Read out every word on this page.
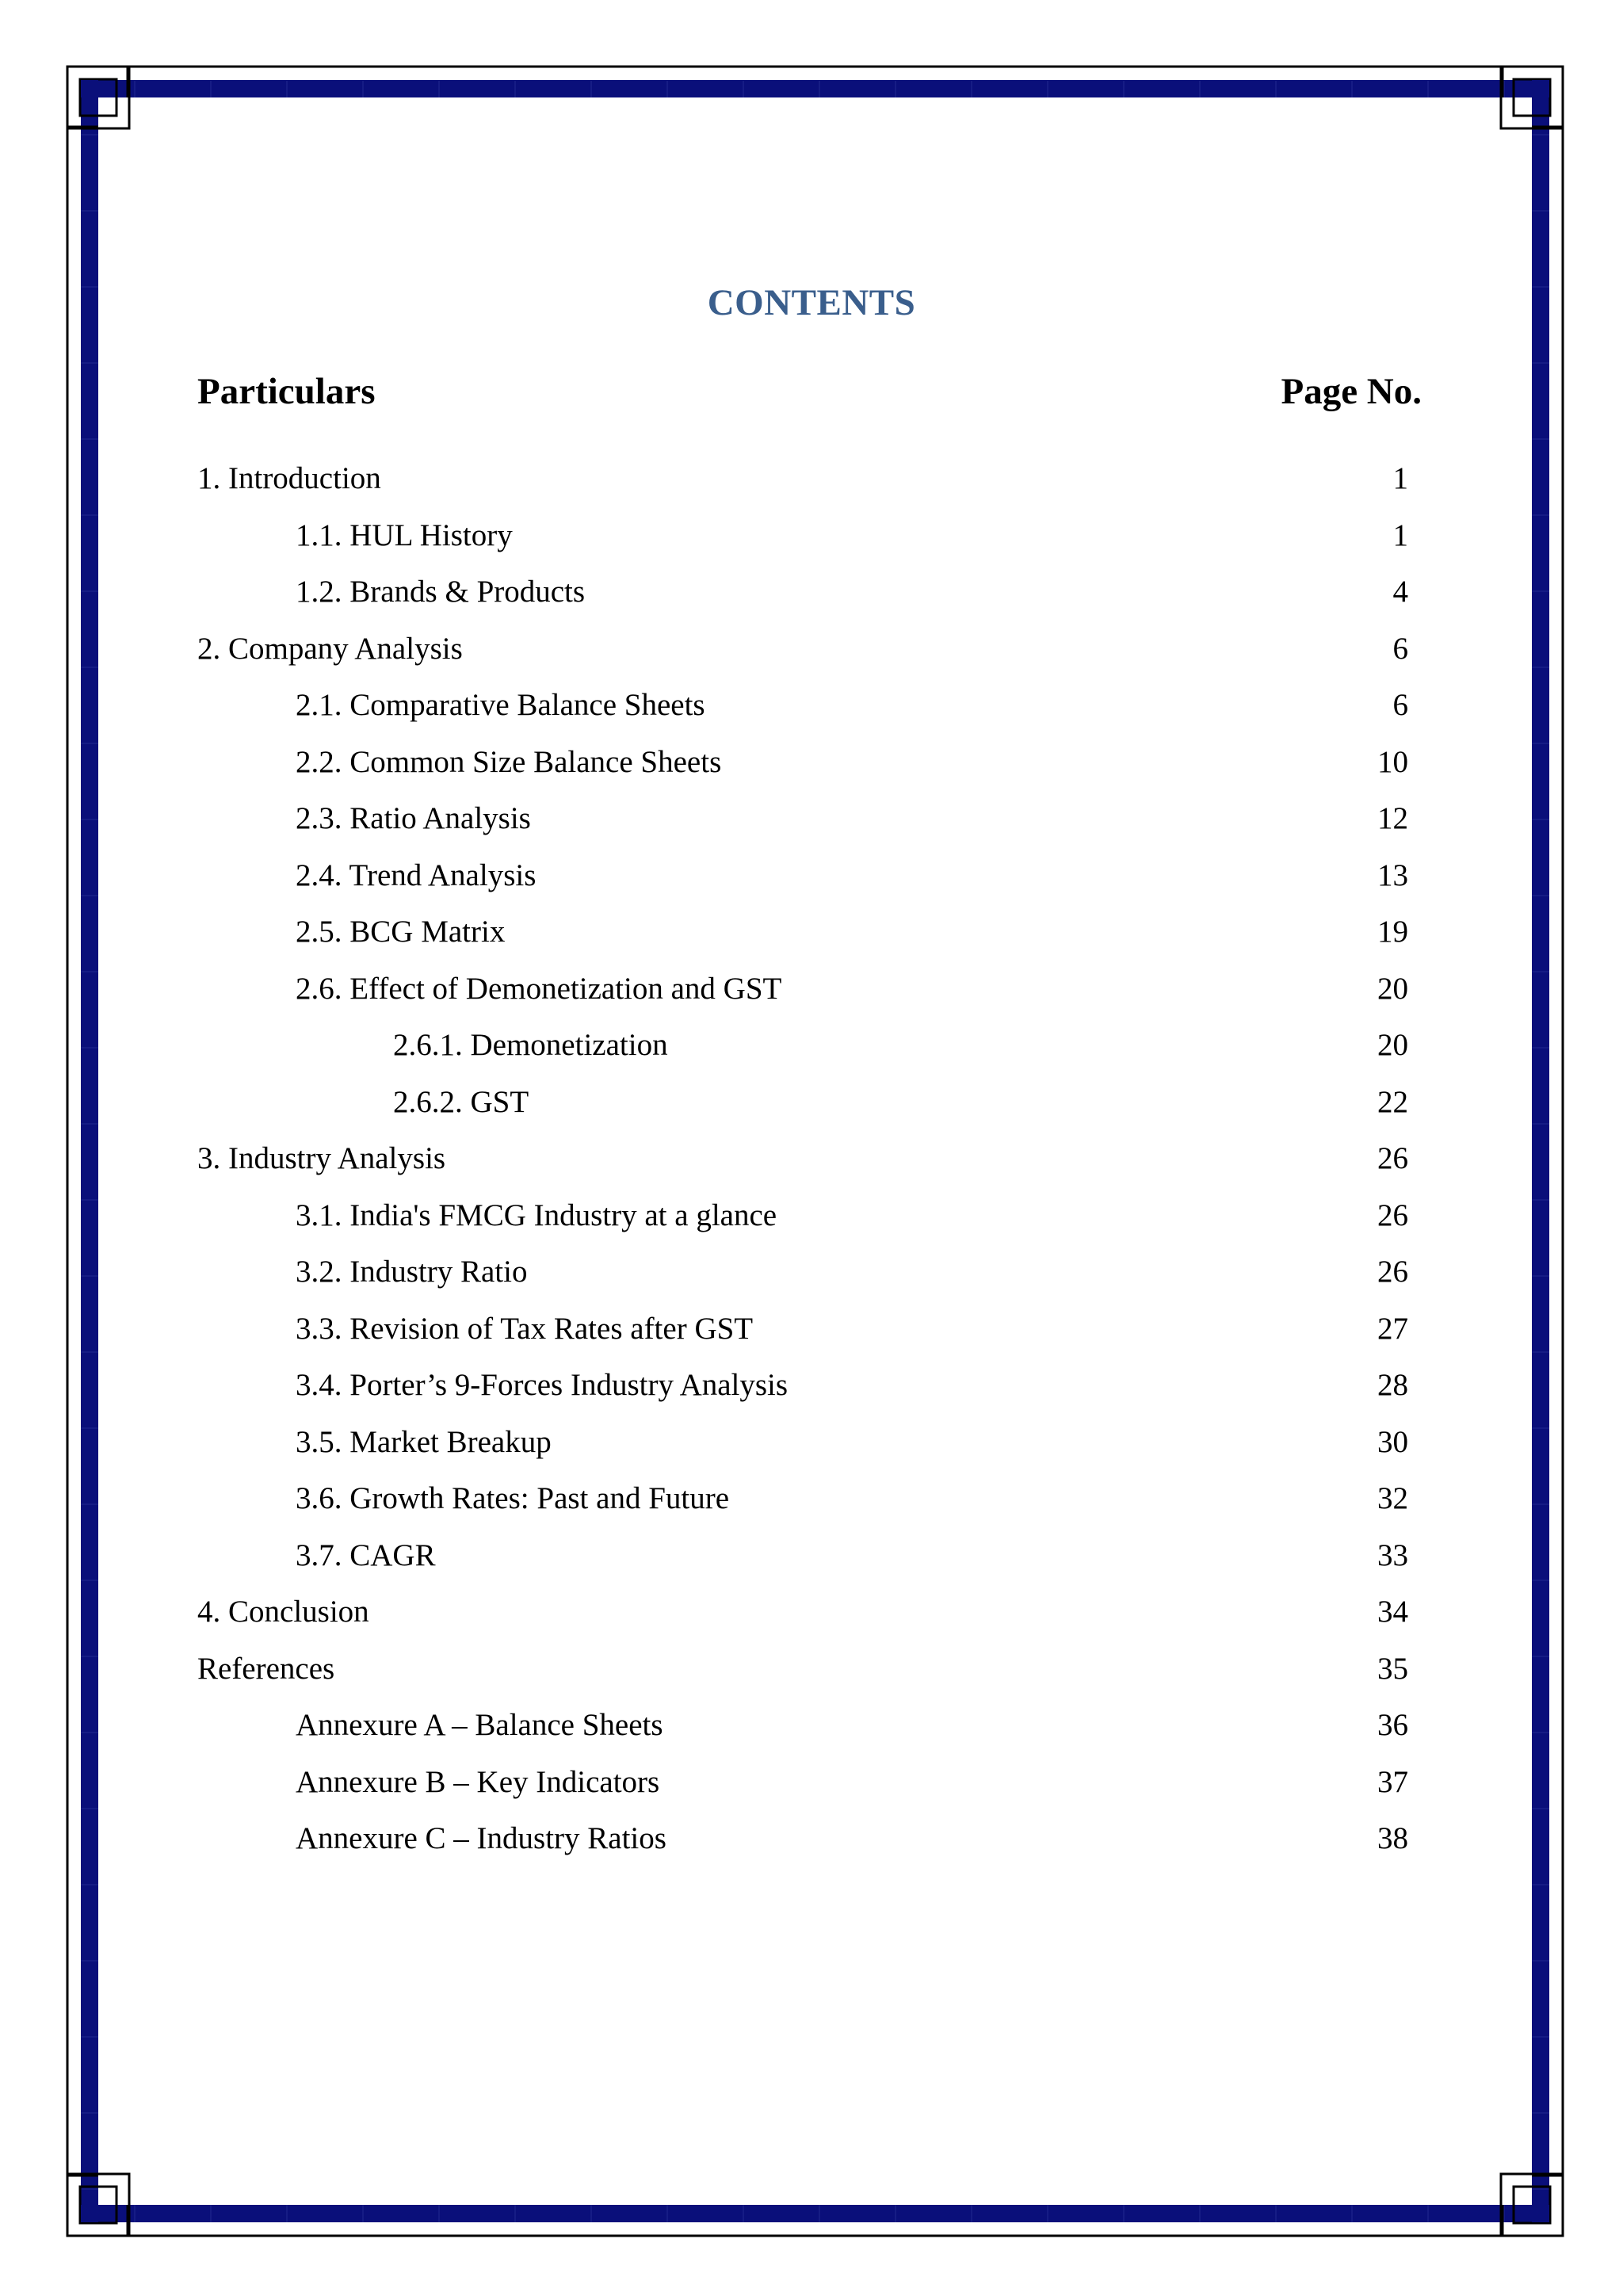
CONTENTS
Particulars	Page No.
1. Introduction	1
1.1. HUL History	1
1.2. Brands & Products	4
2. Company Analysis	6
2.1. Comparative Balance Sheets	6
2.2. Common Size Balance Sheets	10
2.3. Ratio Analysis	12
2.4. Trend Analysis	13
2.5. BCG Matrix	19
2.6. Effect of Demonetization and GST	20
2.6.1. Demonetization	20
2.6.2. GST	22
3. Industry Analysis	26
3.1. India's FMCG Industry at a glance	26
3.2. Industry Ratio	26
3.3. Revision of Tax Rates after GST	27
3.4. Porter’s 9-Forces Industry Analysis	28
3.5. Market Breakup	30
3.6. Growth Rates: Past and Future	32
3.7. CAGR	33
4. Conclusion	34
References	35
Annexure A – Balance Sheets	36
Annexure B – Key Indicators	37
Annexure C – Industry Ratios	38
